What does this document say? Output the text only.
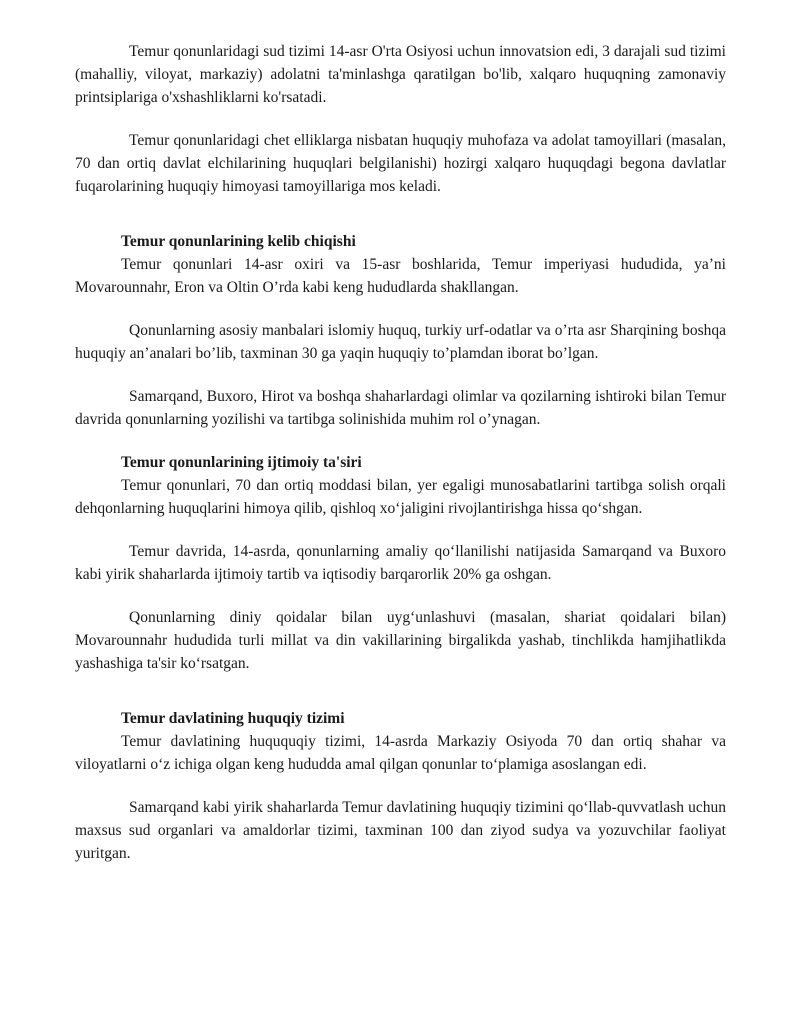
Temur qonunlaridagi sud tizimi 14-asr O'rta Osiyosi uchun innovatsion edi, 3 darajali sud tizimi (mahalliy, viloyat, markaziy) adolatni ta'minlashga qaratilgan bo'lib, xalqaro huquqning zamonaviy printsiplariga o'xshashliklarni ko'rsatadi.

Temur qonunlaridagi chet elliklarga nisbatan huquqiy muhofaza va adolat tamoyillari (masalan, 70 dan ortiq davlat elchilarining huquqlari belgilanishi) hozirgi xalqaro huquqdagi begona davlatlar fuqarolarining huquqiy himoyasi tamoyillariga mos keladi.

Temur qonunlarining kelib chiqishi

Temur qonunlari 14-asr oxiri va 15-asr boshlarida, Temur imperiyasi hududida, ya’ni Movarounnahr, Eron va Oltin O’rda kabi keng hududlarda shakllangan.

Qonunlarning asosiy manbalari islomiy huquq, turkiy urf-odatlar va o’rta asr Sharqining boshqa huquqiy an’analari bo’lib, taxminan 30 ga yaqin huquqiy to’plamdan iborat bo’lgan.

Samarqand, Buxoro, Hirot va boshqa shaharlardagi olimlar va qozilarning ishtiroki bilan Temur davrida qonunlarning yozilishi va tartibga solinishida muhim rol o’ynagan.

Temur qonunlarining ijtimoiy ta'siri

Temur qonunlari, 70 dan ortiq moddasi bilan, yer egaligi munosabatlarini tartibga solish orqali dehqonlarning huquqlarini himoya qilib, qishloq xo‘jaligini rivojlantirishga hissa qo‘shgan.

Temur davrida, 14-asrda, qonunlarning amaliy qo‘llanilishi natijasida Samarqand va Buxoro kabi yirik shaharlarda ijtimoiy tartib va iqtisodiy barqarorlik 20% ga oshgan.

Qonunlarning diniy qoidalar bilan uyg‘unlashuvi (masalan, shariat qoidalari bilan) Movarounnahr hududida turli millat va din vakillarining birgalikda yashab, tinchlikda hamjihatlikda yashashiga ta'sir ko‘rsatgan.

Temur davlatining huquqiy tizimi

Temur davlatining huququqiy tizimi, 14-asrda Markaziy Osiyoda 70 dan ortiq shahar va viloyatlarni o‘z ichiga olgan keng hududda amal qilgan qonunlar to‘plamiga asoslangan edi.

Samarqand kabi yirik shaharlarda Temur davlatining huquqiy tizimini qo‘llab-quvvatlash uchun maxsus sud organlari va amaldorlar tizimi, taxminan 100 dan ziyod sudya va yozuvchilar faoliyat yuritgan.
